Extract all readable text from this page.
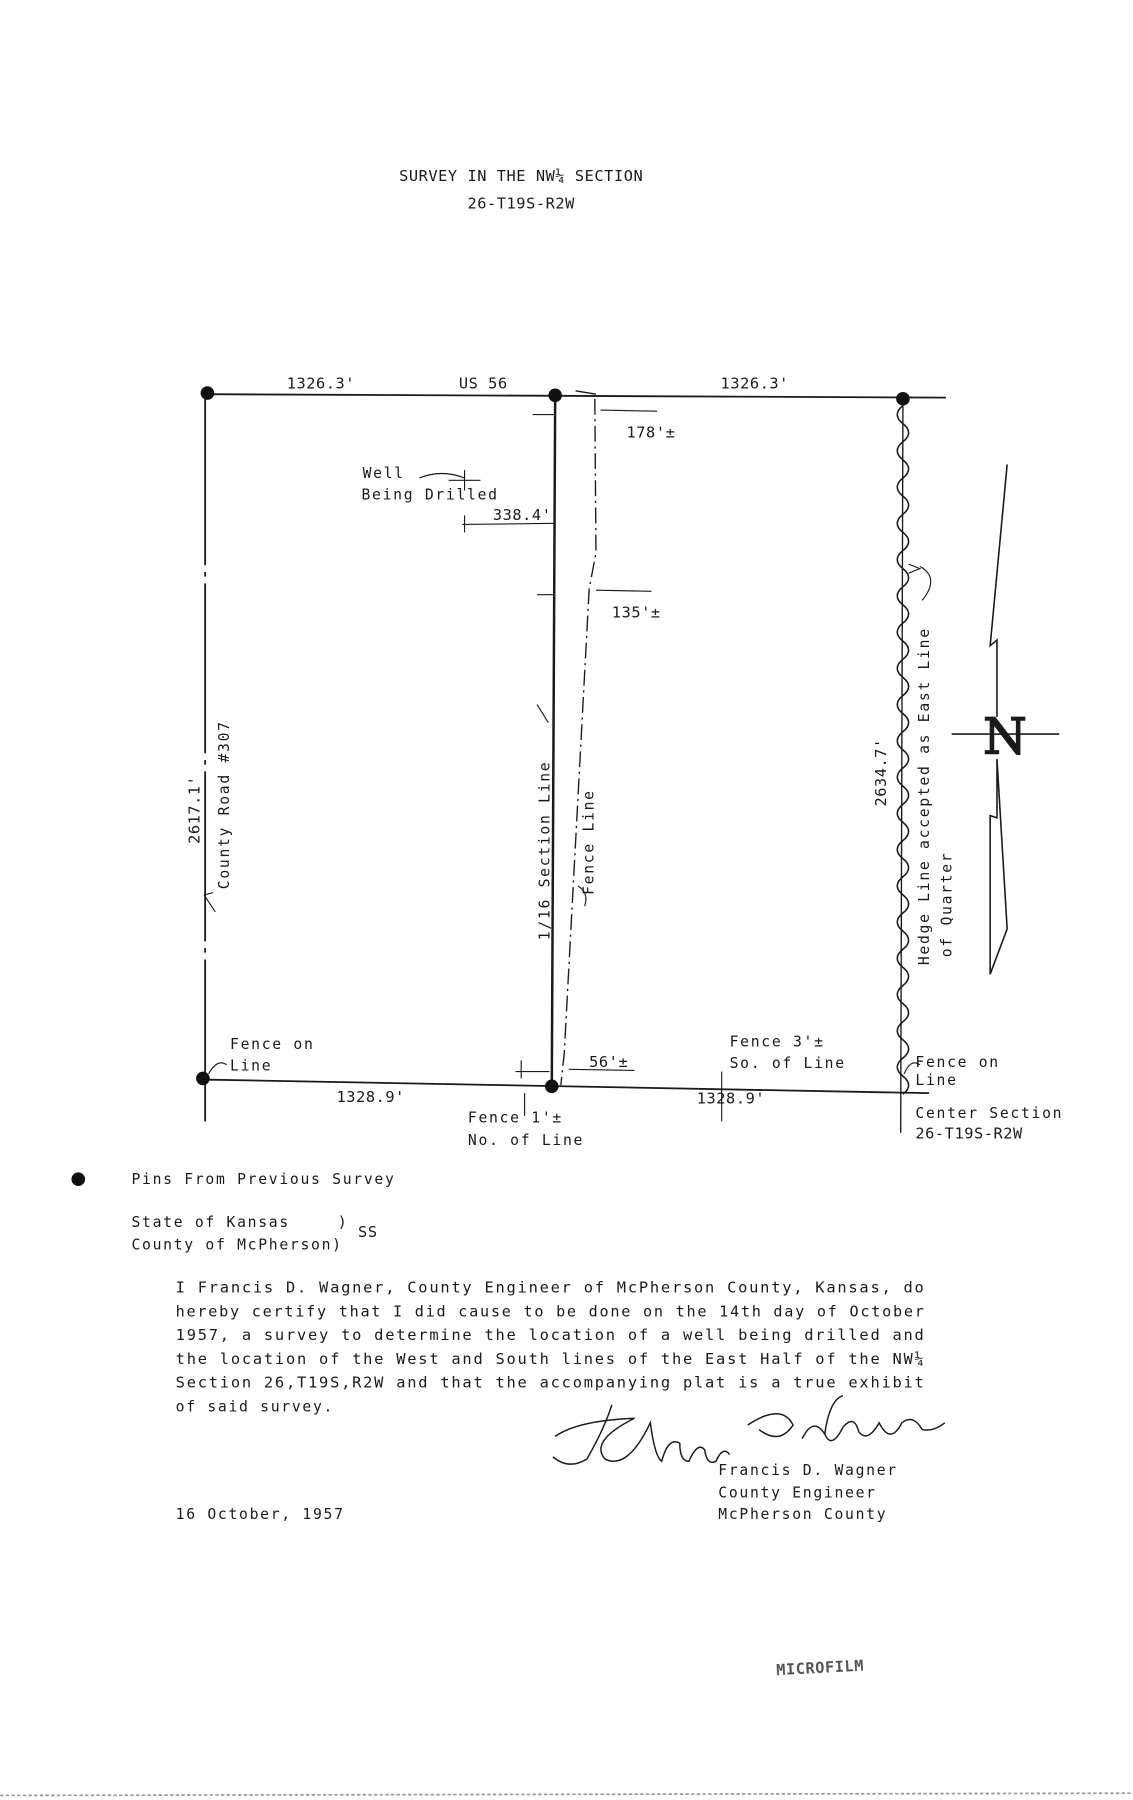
SURVEY IN THE NW¼ SECTION
26-T19S-R2W
N
1326.3'	US 56	1326.3'
178'±
Well
Being Drilled
338.4'
135'±
2617.1' County Road #307	1/16 Section Line Fence Line
2634.7' Hedge Line accepted as East Line of Quarter
Fence on
Line
Fence 3'±
So. of Line	Fence on
Line
56'±
1328.9'	1328.9'
Fence 1'±
No. of Line
Center Section
26-T19S-R2W
Pins From Previous Survey
State of Kansas	)
SS
County of McPherson)
I Francis D. Wagner, County Engineer of McPherson County, Kansas, do
hereby certify that I did cause to be done on the 14th day of October
1957, a survey to determine the location of a well being drilled and
the location of the West and South lines of the East Half of the NW¼
Section 26,T19S,R2W and that the accompanying plat is a true exhibit
of said survey.
Francis D. Wagner
County Engineer
16 October, 1957	McPherson County
MICROFILM
